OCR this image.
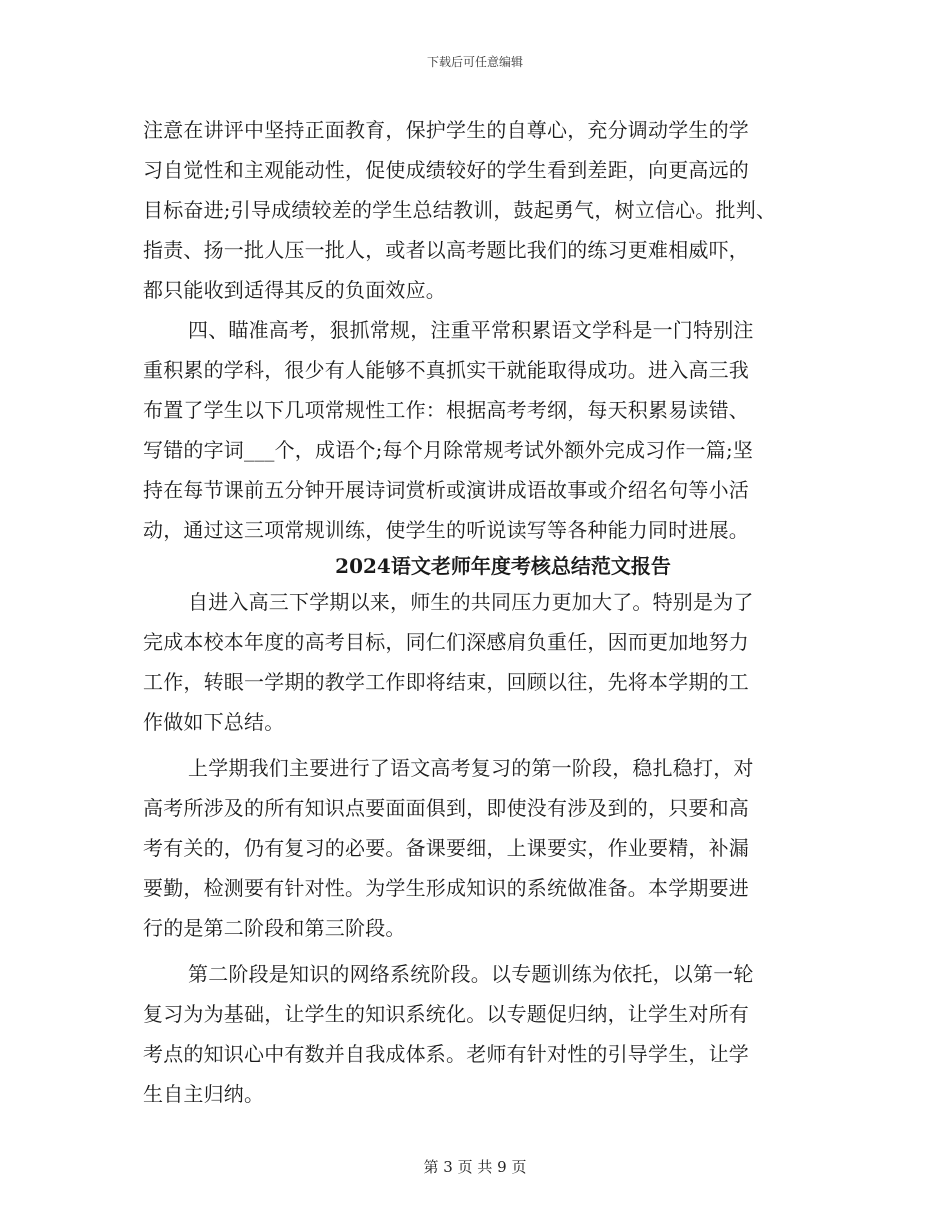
下载后可任意编辑
注意在讲评中坚持正面教育，保护学生的自尊心，充分调动学生的学
习自觉性和主观能动性，促使成绩较好的学生看到差距，向更高远的
目标奋进;引导成绩较差的学生总结教训，鼓起勇气，树立信心。批判、
指责、扬一批人压一批人，或者以高考题比我们的练习更难相威吓，
都只能收到适得其反的负面效应。
四、瞄准高考，狠抓常规，注重平常积累语文学科是一门特别注
重积累的学科，很少有人能够不真抓实干就能取得成功。进入高三我
布置了学生以下几项常规性工作：根据高考考纲，每天积累易读错、
写错的字词___个，成语个;每个月除常规考试外额外完成习作一篇;坚
持在每节课前五分钟开展诗词赏析或演讲成语故事或介绍名句等小活
动，通过这三项常规训练，使学生的听说读写等各种能力同时进展。
2024语文老师年度考核总结范文报告
自进入高三下学期以来，师生的共同压力更加大了。特别是为了
完成本校本年度的高考目标，同仁们深感肩负重任，因而更加地努力
工作，转眼一学期的教学工作即将结束，回顾以往，先将本学期的工
作做如下总结。
上学期我们主要进行了语文高考复习的第一阶段，稳扎稳打，对
高考所涉及的所有知识点要面面俱到，即使没有涉及到的，只要和高
考有关的，仍有复习的必要。备课要细，上课要实，作业要精，补漏
要勤，检测要有针对性。为学生形成知识的系统做准备。本学期要进
行的是第二阶段和第三阶段。
第二阶段是知识的网络系统阶段。以专题训练为依托，以第一轮
复习为为基础，让学生的知识系统化。以专题促归纳，让学生对所有
考点的知识心中有数并自我成体系。老师有针对性的引导学生，让学
生自主归纳。
第 3 页 共 9 页
